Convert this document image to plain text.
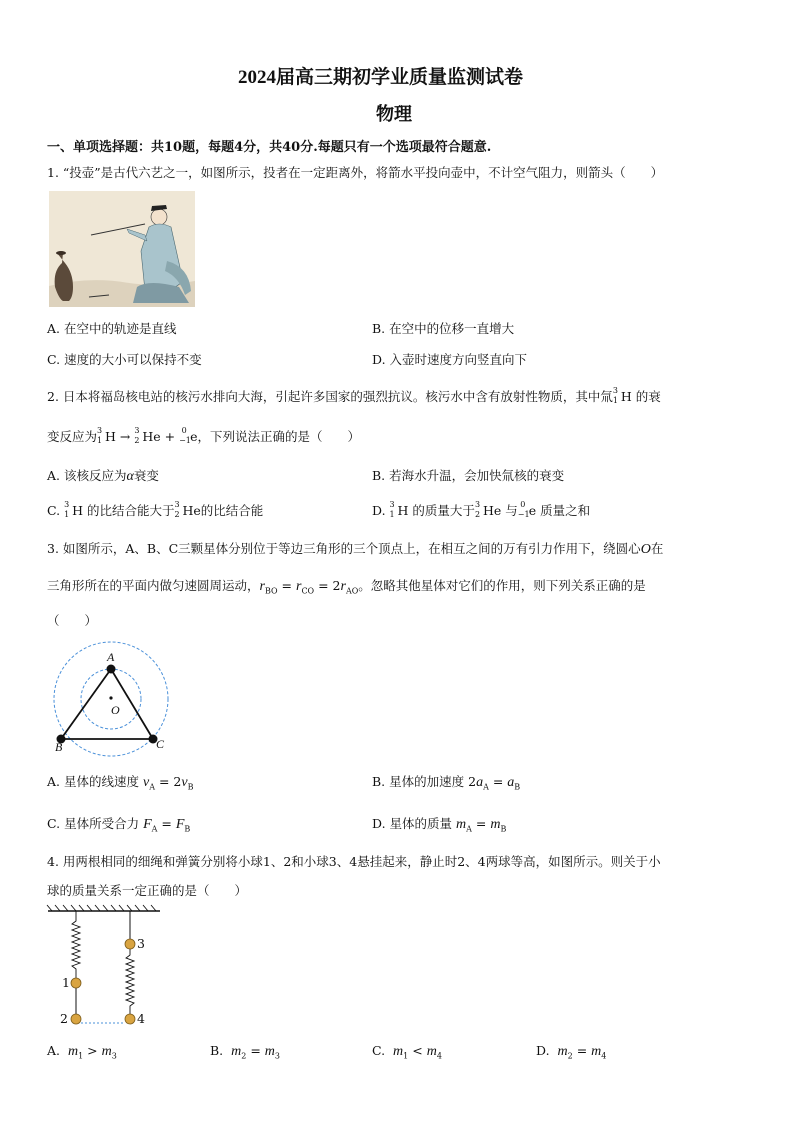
2024届高三期初学业质量监测试卷
物理
一、单项选择题：共10题，每题4分，共40分.每题只有一个选项最符合题意.
1. “投壶”是古代六艺之一，如图所示，投者在一定距离外，将箭水平投向壶中，不计空气阻力，则箭头（　　）
A. 在空中的轨迹是直线	B. 在空中的位移一直增大
C. 速度的大小可以保持不变	D. 入壶时速度方向竖直向下
2. 日本将福岛核电站的核污水排向大海，引起许多国家的强烈抗议。核污水中含有放射性物质，其中氚 3
1 H 的衰
变反应为 3
1 H → 3
2 He + 0
−1 e，下列说法正确的是（　　）
A. 该核反应为α衰变	B. 若海水升温，会加快氚核的衰变
C. 3
1 H 的比结合能大于 3
2 He的比结合能	D. 3
1 H 的质量大于 3
2 He 与 0
−1 e 质量之和
3. 如图所示，A、B、C三颗星体分别位于等边三角形的三个顶点上，在相互之间的万有引力作用下，绕圆心O在
三角形所在的平面内做匀速圆周运动，$r_{BO} = r_{CO} = 2r_{AO}$。忽略其他星体对它们的作用，则下列关系正确的是
（　　）
A
O
B	C
A. 星体的线速度 $v_A = 2v_B$	B. 星体的加速度 $2a_A = a_B$
C. 星体所受合力 $F_A = F_B$	D. 星体的质量 $m_A = m_B$
4. 用两根相同的细绳和弹簧分别将小球1、2和小球3、4悬挂起来，静止时2、4两球等高，如图所示。则关于小
球的质量关系一定正确的是（　　）
1
2
3
4
A. $m_1 > m_3$	B. $m_2 = m_3$	C. $m_1 < m_4$	D. $m_2 = m_4$
